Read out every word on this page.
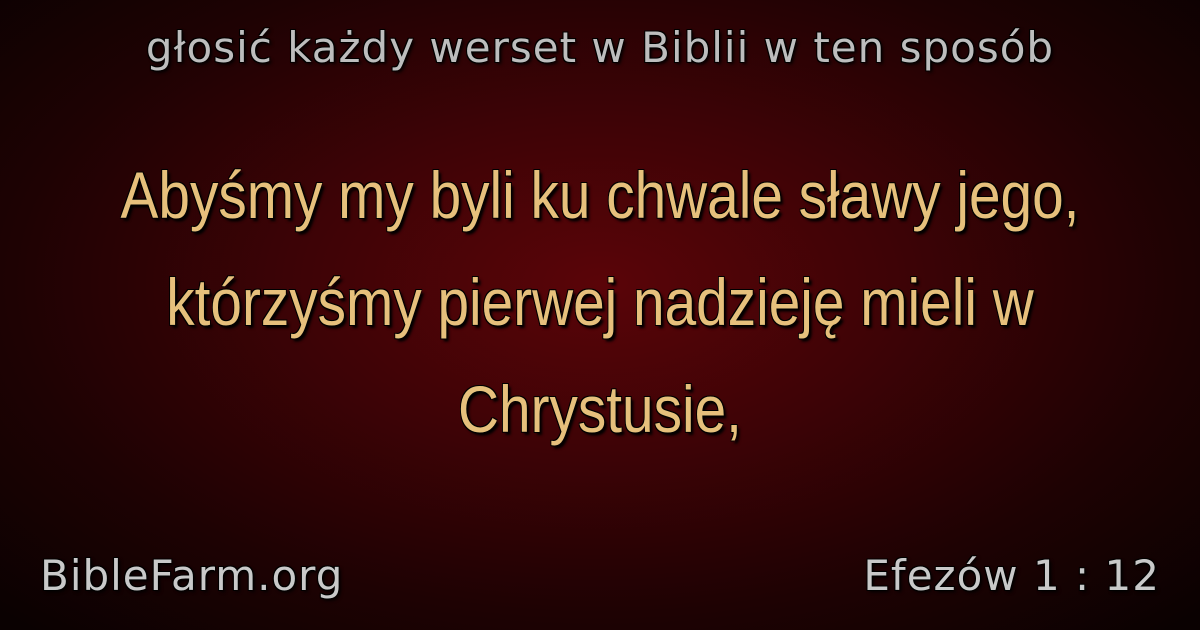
głosić każdy werset w Biblii w ten sposób
Abyśmy my byli ku chwale sławy jego, którzyśmy pierwej nadzieję mieli w Chrystusie,
BibleFarm.org	Efezów 1 : 12
